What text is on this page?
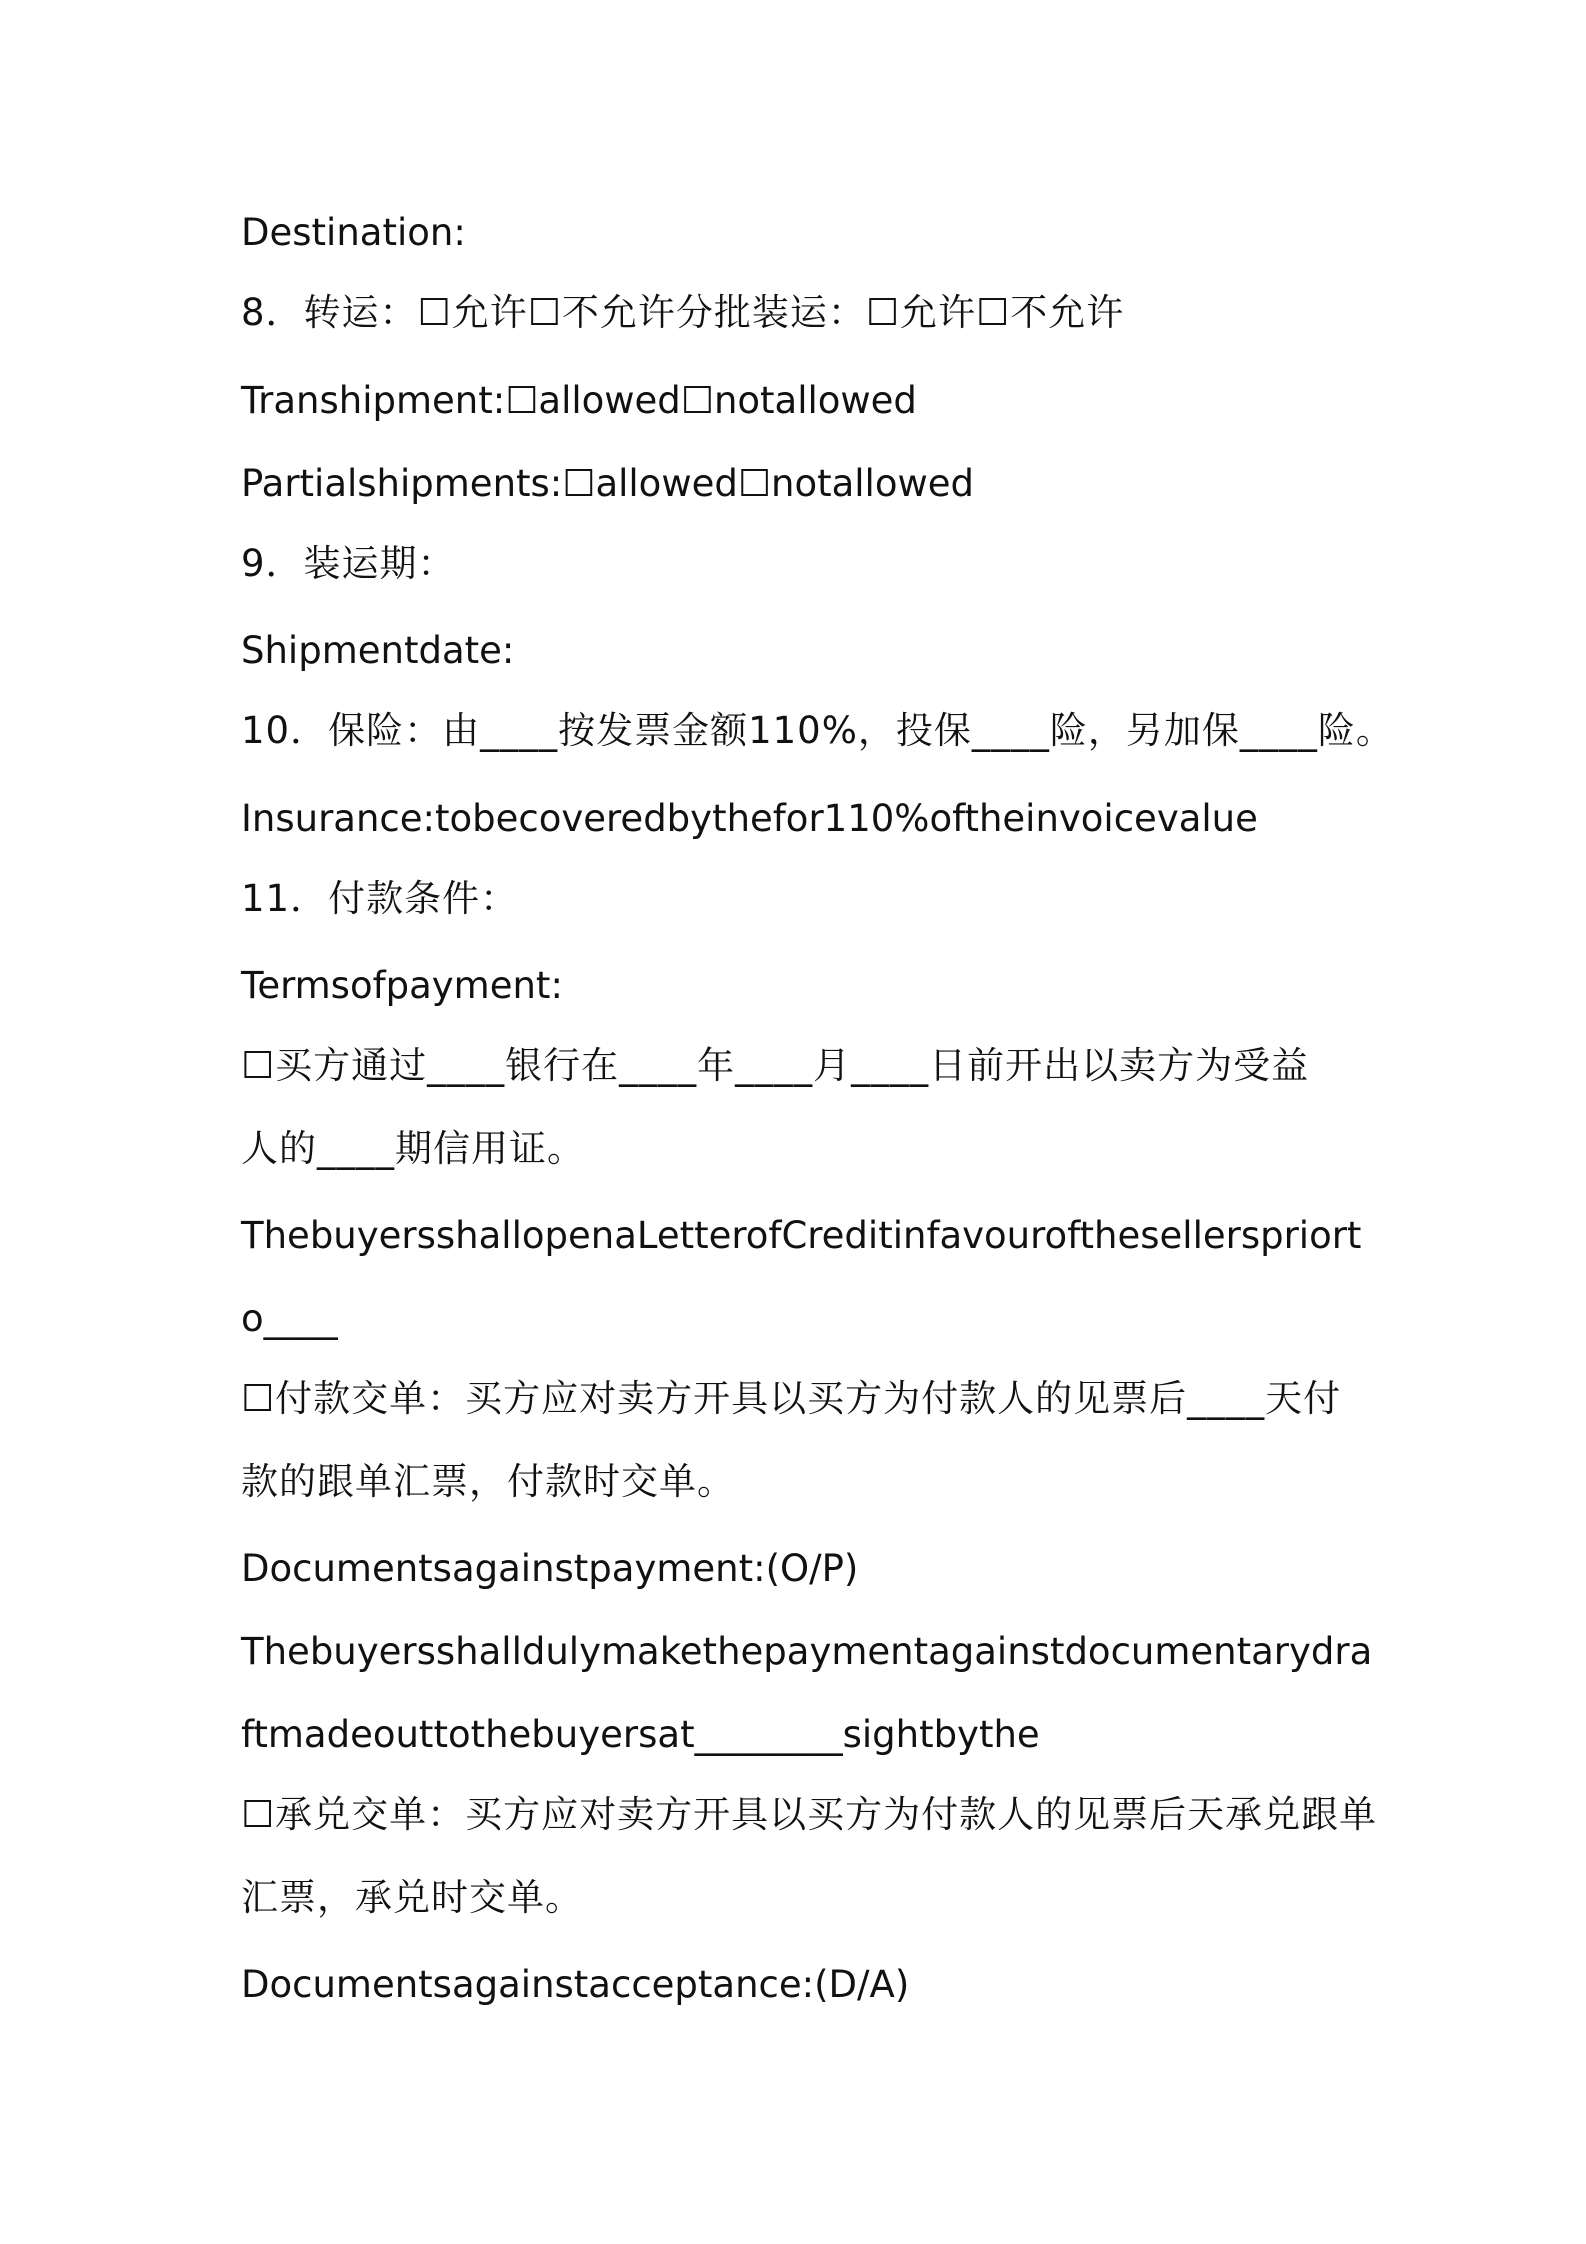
Destination:
8．转运：☐允许☐不允许分批装运：☐允许☐不允许
Transhipment:☐allowed☐notallowed
Partialshipments:☐allowed☐notallowed
9．装运期：
Shipmentdate:
10．保险：由____按发票金额110%，投保____险，另加保____险。
Insurance:tobecoveredbythefor110%oftheinvoicevalue
11．付款条件：
Termsofpayment:
☐买方通过____银行在____年____月____日前开出以卖方为受益
人的____期信用证。
ThebuyersshallopenaLetterofCreditinfavourofthesellerspriort
o____
☐付款交单：买方应对卖方开具以买方为付款人的见票后____天付
款的跟单汇票，付款时交单。
Documentsagainstpayment:(O/P)
Thebuyersshalldulymakethepaymentagainstdocumentarydra
ftmadeouttothebuyersat________sightbythe
☐承兑交单：买方应对卖方开具以买方为付款人的见票后天承兑跟单
汇票，承兑时交单。
Documentsagainstacceptance:(D/A)
